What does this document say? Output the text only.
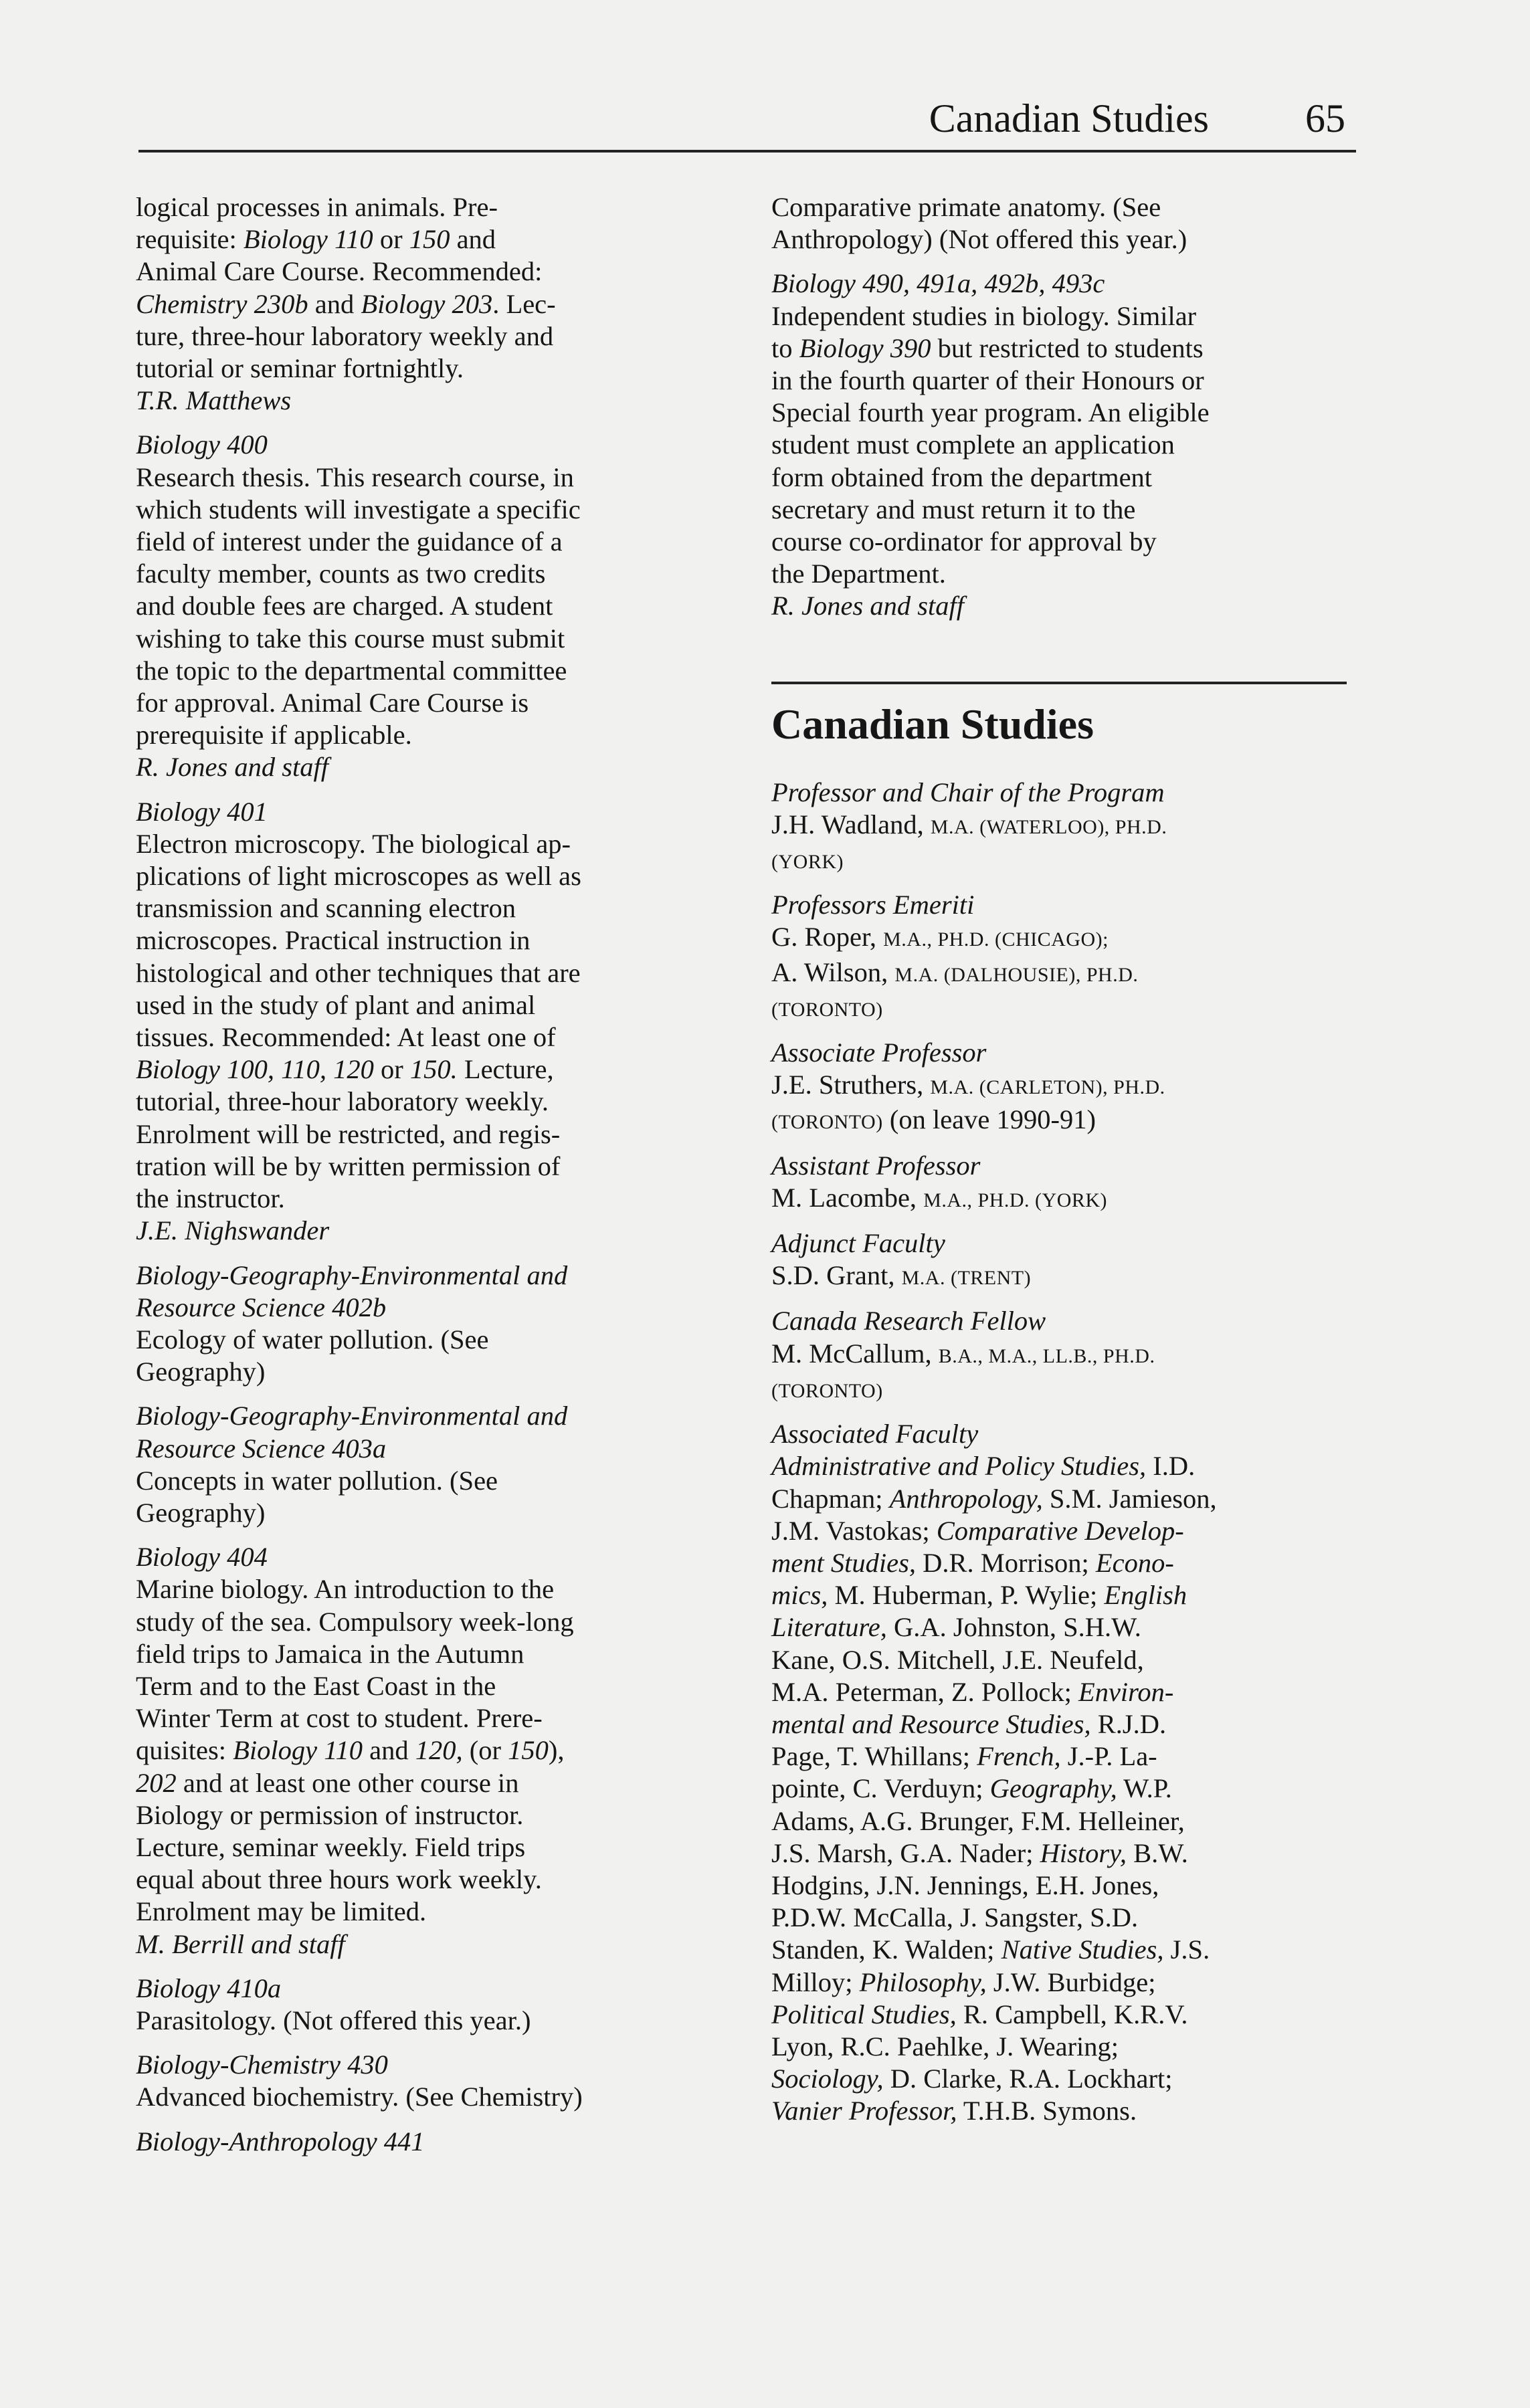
Canadian Studies 65
logical processes in animals. Pre-
requisite: Biology 110 or 150 and
Animal Care Course. Recommended:
Chemistry 230b and Biology 203. Lec-
ture, three-hour laboratory weekly and
tutorial or seminar fortnightly.
T.R. Matthews
Biology 400
Research thesis. This research course, in
which students will investigate a specific
field of interest under the guidance of a
faculty member, counts as two credits
and double fees are charged. A student
wishing to take this course must submit
the topic to the departmental committee
for approval. Animal Care Course is
prerequisite if applicable.
R. Jones and staff
Biology 401
Electron microscopy. The biological ap-
plications of light microscopes as well as
transmission and scanning electron
microscopes. Practical instruction in
histological and other techniques that are
used in the study of plant and animal
tissues. Recommended: At least one of
Biology 100, 110, 120 or 150. Lecture,
tutorial, three-hour laboratory weekly.
Enrolment will be restricted, and regis-
tration will be by written permission of
the instructor.
J.E. Nighswander
Biology-Geography-Environmental and
Resource Science 402b
Ecology of water pollution. (See
Geography)
Biology-Geography-Environmental and
Resource Science 403a
Concepts in water pollution. (See
Geography)
Biology 404
Marine biology. An introduction to the
study of the sea. Compulsory week-long
field trips to Jamaica in the Autumn
Term and to the East Coast in the
Winter Term at cost to student. Prere-
quisites: Biology 110 and 120, (or 150),
202 and at least one other course in
Biology or permission of instructor.
Lecture, seminar weekly. Field trips
equal about three hours work weekly.
Enrolment may be limited.
M. Berrill and staff
Biology 410a
Parasitology. (Not offered this year.)
Biology-Chemistry 430
Advanced biochemistry. (See Chemistry)
Biology-Anthropology 441
Comparative primate anatomy. (See
Anthropology) (Not offered this year.)
Biology 490, 491a, 492b, 493c
Independent studies in biology. Similar
to Biology 390 but restricted to students
in the fourth quarter of their Honours or
Special fourth year program. An eligible
student must complete an application
form obtained from the department
secretary and must return it to the
course co-ordinator for approval by
the Department.
R. Jones and staff
Canadian Studies
Professor and Chair of the Program
J.H. Wadland, M.A. (WATERLOO), PH.D.
(YORK)
Professors Emeriti
G. Roper, M.A., PH.D. (CHICAGO);
A. Wilson, M.A. (DALHOUSIE), PH.D.
(TORONTO)
Associate Professor
J.E. Struthers, M.A. (CARLETON), PH.D.
(TORONTO) (on leave 1990-91)
Assistant Professor
M. Lacombe, M.A., PH.D. (YORK)
Adjunct Faculty
S.D. Grant, M.A. (TRENT)
Canada Research Fellow
M. McCallum, B.A., M.A., LL.B., PH.D.
(TORONTO)
Associated Faculty
Administrative and Policy Studies, I.D.
Chapman; Anthropology, S.M. Jamieson,
J.M. Vastokas; Comparative Develop-
ment Studies, D.R. Morrison; Econo-
mics, M. Huberman, P. Wylie; English
Literature, G.A. Johnston, S.H.W.
Kane, O.S. Mitchell, J.E. Neufeld,
M.A. Peterman, Z. Pollock; Environ-
mental and Resource Studies, R.J.D.
Page, T. Whillans; French, J.-P. La-
pointe, C. Verduyn; Geography, W.P.
Adams, A.G. Brunger, F.M. Helleiner,
J.S. Marsh, G.A. Nader; History, B.W.
Hodgins, J.N. Jennings, E.H. Jones,
P.D.W. McCalla, J. Sangster, S.D.
Standen, K. Walden; Native Studies, J.S.
Milloy; Philosophy, J.W. Burbidge;
Political Studies, R. Campbell, K.R.V.
Lyon, R.C. Paehlke, J. Wearing;
Sociology, D. Clarke, R.A. Lockhart;
Vanier Professor, T.H.B. Symons.
